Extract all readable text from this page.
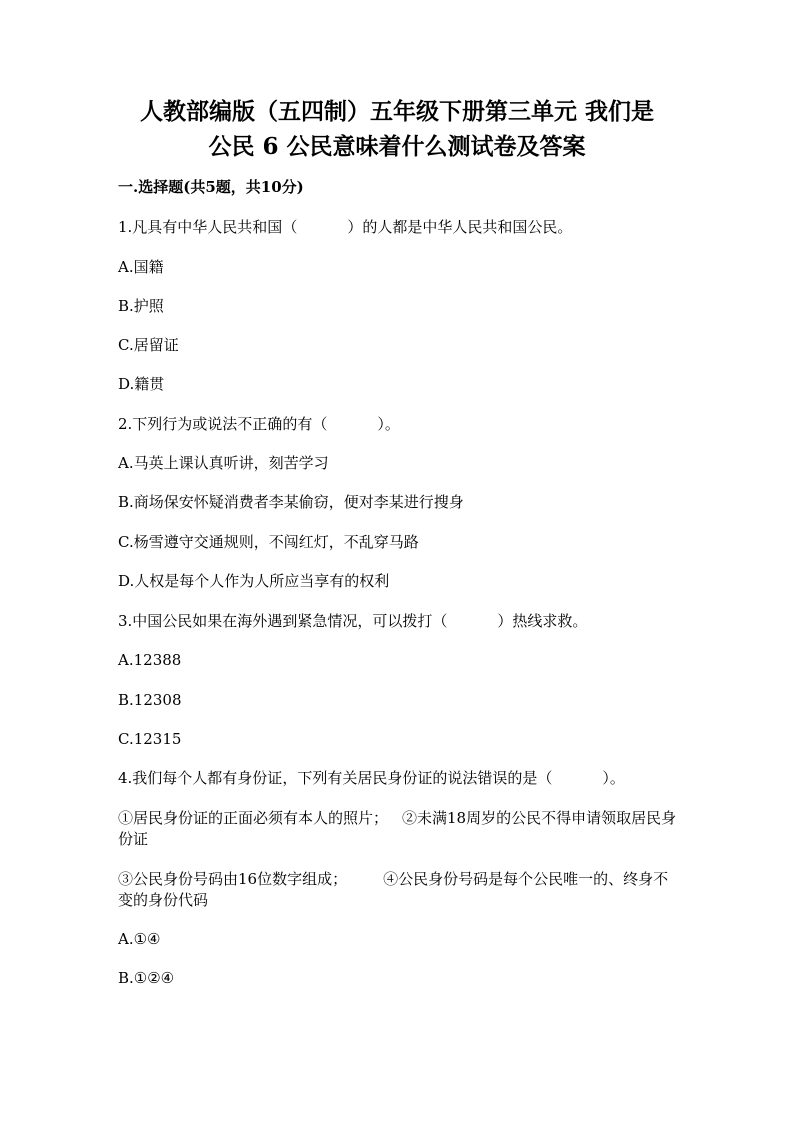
人教部编版（五四制）五年级下册第三单元 我们是
公民 6 公民意味着什么测试卷及答案
一.选择题(共5题，共10分)
1.凡具有中华人民共和国（	）的人都是中华人民共和国公民。
A.国籍
B.护照
C.居留证
D.籍贯
2.下列行为或说法不正确的有（	）。
A.马英上课认真听讲，刻苦学习
B.商场保安怀疑消费者李某偷窃，便对李某进行搜身
C.杨雪遵守交通规则，不闯红灯，不乱穿马路
D.人权是每个人作为人所应当享有的权利
3.中国公民如果在海外遇到紧急情况，可以拨打（	）热线求救。
A.12388
B.12308
C.12315
4.我们每个人都有身份证，下列有关居民身份证的说法错误的是（	）。
①居民身份证的正面必须有本人的照片； ②未满18周岁的公民不得申请领取居民身份证
③公民身份号码由16位数字组成； ④公民身份号码是每个公民唯一的、终身不变的身份代码
A.①④
B.①②④
